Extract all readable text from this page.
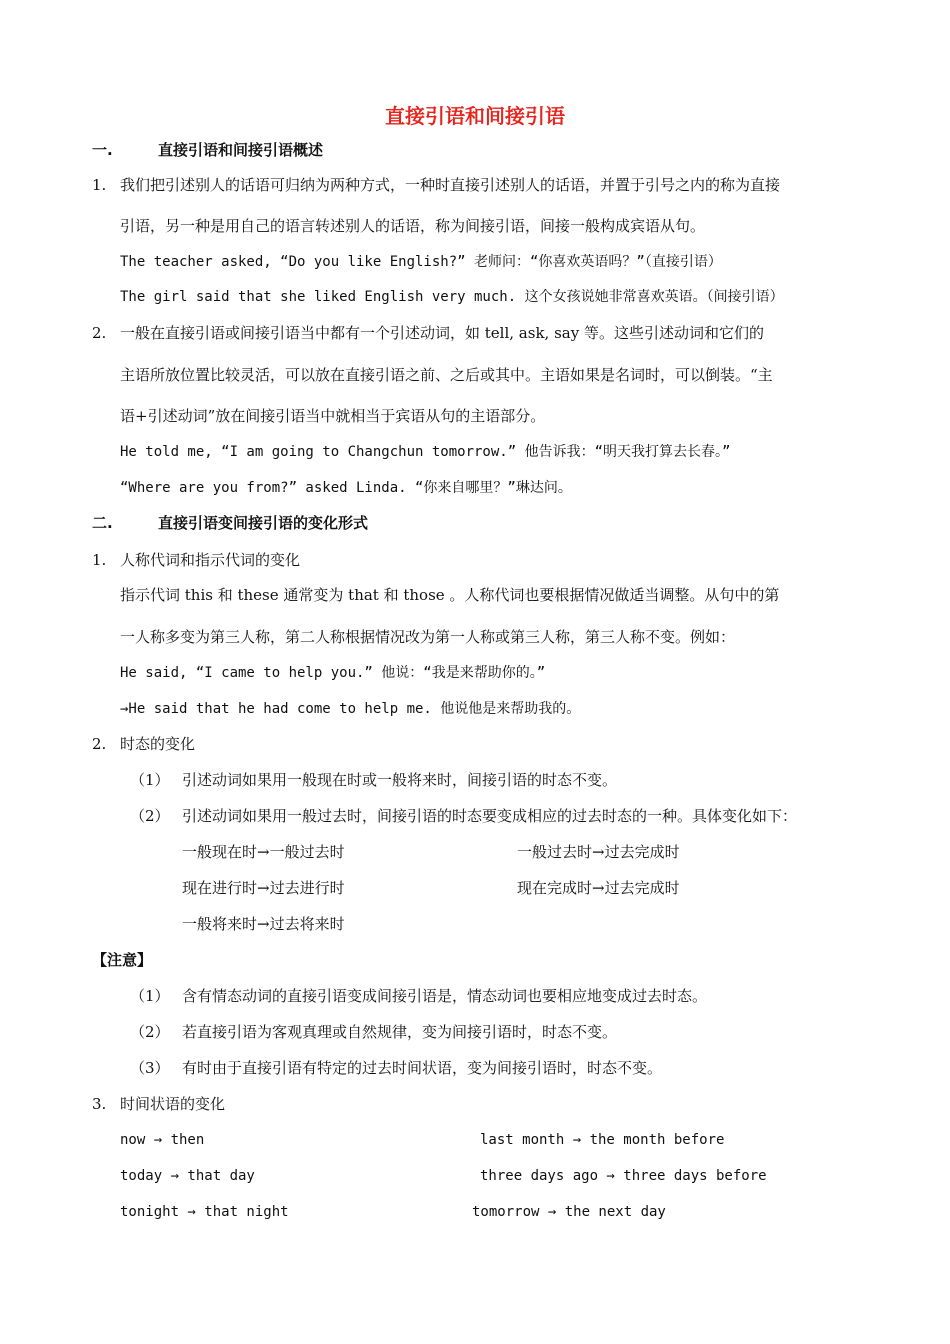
直接引语和间接引语
一.	直接引语和间接引语概述
1. 我们把引述别人的话语可归纳为两种方式，一种时直接引述别人的话语，并置于引号之内的称为直接
引语，另一种是用自己的语言转述别人的话语，称为间接引语，间接一般构成宾语从句。
The teacher asked, “Do you like English?” 老师问：“你喜欢英语吗？”（直接引语）
The girl said that she liked English very much. 这个女孩说她非常喜欢英语。（间接引语）
2. 一般在直接引语或间接引语当中都有一个引述动词，如 tell, ask, say 等。这些引述动词和它们的
主语所放位置比较灵活，可以放在直接引语之前、之后或其中。主语如果是名词时，可以倒装。“主
语+引述动词”放在间接引语当中就相当于宾语从句的主语部分。
He told me, “I am going to Changchun tomorrow.” 他告诉我：“明天我打算去长春。”
“Where are you from?” asked Linda. “你来自哪里？”琳达问。
二.	直接引语变间接引语的变化形式
1. 人称代词和指示代词的变化
指示代词 this 和 these 通常变为 that 和 those 。人称代词也要根据情况做适当调整。从句中的第
一人称多变为第三人称，第二人称根据情况改为第一人称或第三人称，第三人称不变。例如：
He said, “I came to help you.” 他说：“我是来帮助你的。”
→He said that he had come to help me. 他说他是来帮助我的。
2. 时态的变化
（1） 引述动词如果用一般现在时或一般将来时，间接引语的时态不变。
（2） 引述动词如果用一般过去时，间接引语的时态要变成相应的过去时态的一种。具体变化如下：
一般现在时→一般过去时	一般过去时→过去完成时
现在进行时→过去进行时	现在完成时→过去完成时
一般将来时→过去将来时
【注意】
（1） 含有情态动词的直接引语变成间接引语是，情态动词也要相应地变成过去时态。
（2） 若直接引语为客观真理或自然规律，变为间接引语时，时态不变。
（3） 有时由于直接引语有特定的过去时间状语，变为间接引语时，时态不变。
3. 时间状语的变化
now → then	last month → the month before
today → that day	three days ago → three days before
tonight → that night	tomorrow → the next day
